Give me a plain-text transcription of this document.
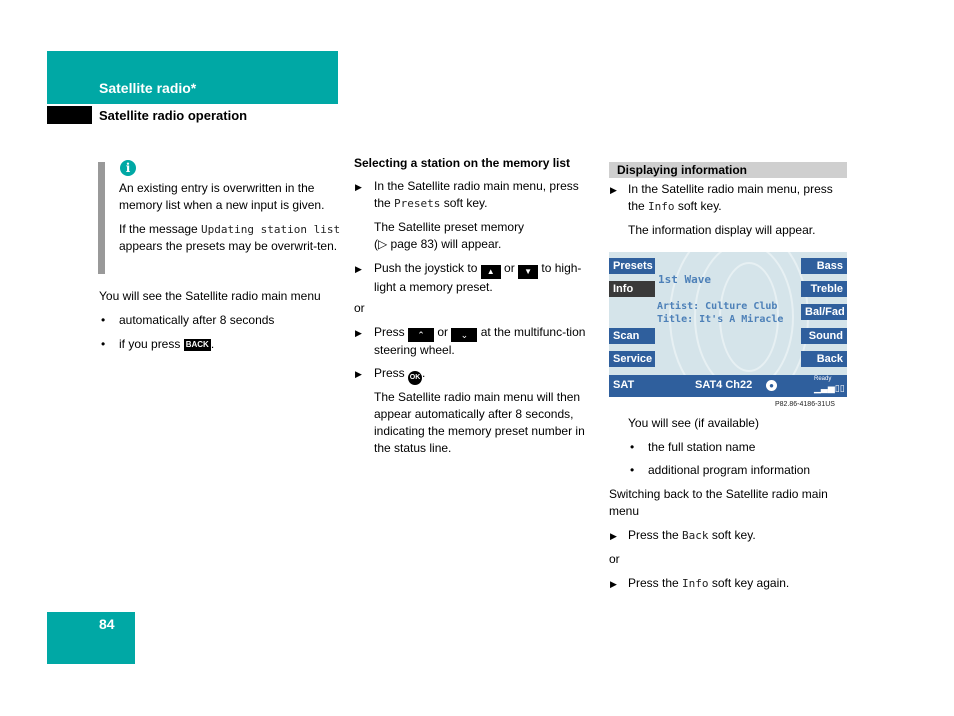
Satellite radio*
Satellite radio operation
i

An existing entry is overwritten in the memory list when a new input is given.

If the message Updating station list appears the presets may be overwrit-ten.

You will see the Satellite radio main menu

• automatically after 8 seconds

• if you press BACK .

Selecting a station on the memory list

▶ In the Satellite radio main menu, press the Presets soft key.

The Satellite preset memory (▷ page 83) will appear.

▶ Push the joystick to ▲ or ▼ to high-light a memory preset.

or

▶ Press ⌃ or ⌄ at the multifunc-tion steering wheel.

▶ Press OK .

The Satellite radio main menu will then appear automatically after 8 seconds, indicating the memory preset number in the status line.

Displaying information
▶ In the Satellite radio main menu, press the Info soft key.

The information display will appear.

Presets
Info
Scan
Service
Bass
Treble
Bal/Fad
Sound
Back
1st Wave
Artist: Culture Club
Title: It's A Miracle
SAT	SAT4 Ch22	●
Ready
▁▃▅▯▯
P82.86-4186-31US

You will see (if available)

• the full station name

• additional program information

Switching back to the Satellite radio main menu

▶ Press the Back soft key.

or

▶ Press the Info soft key again.

84
